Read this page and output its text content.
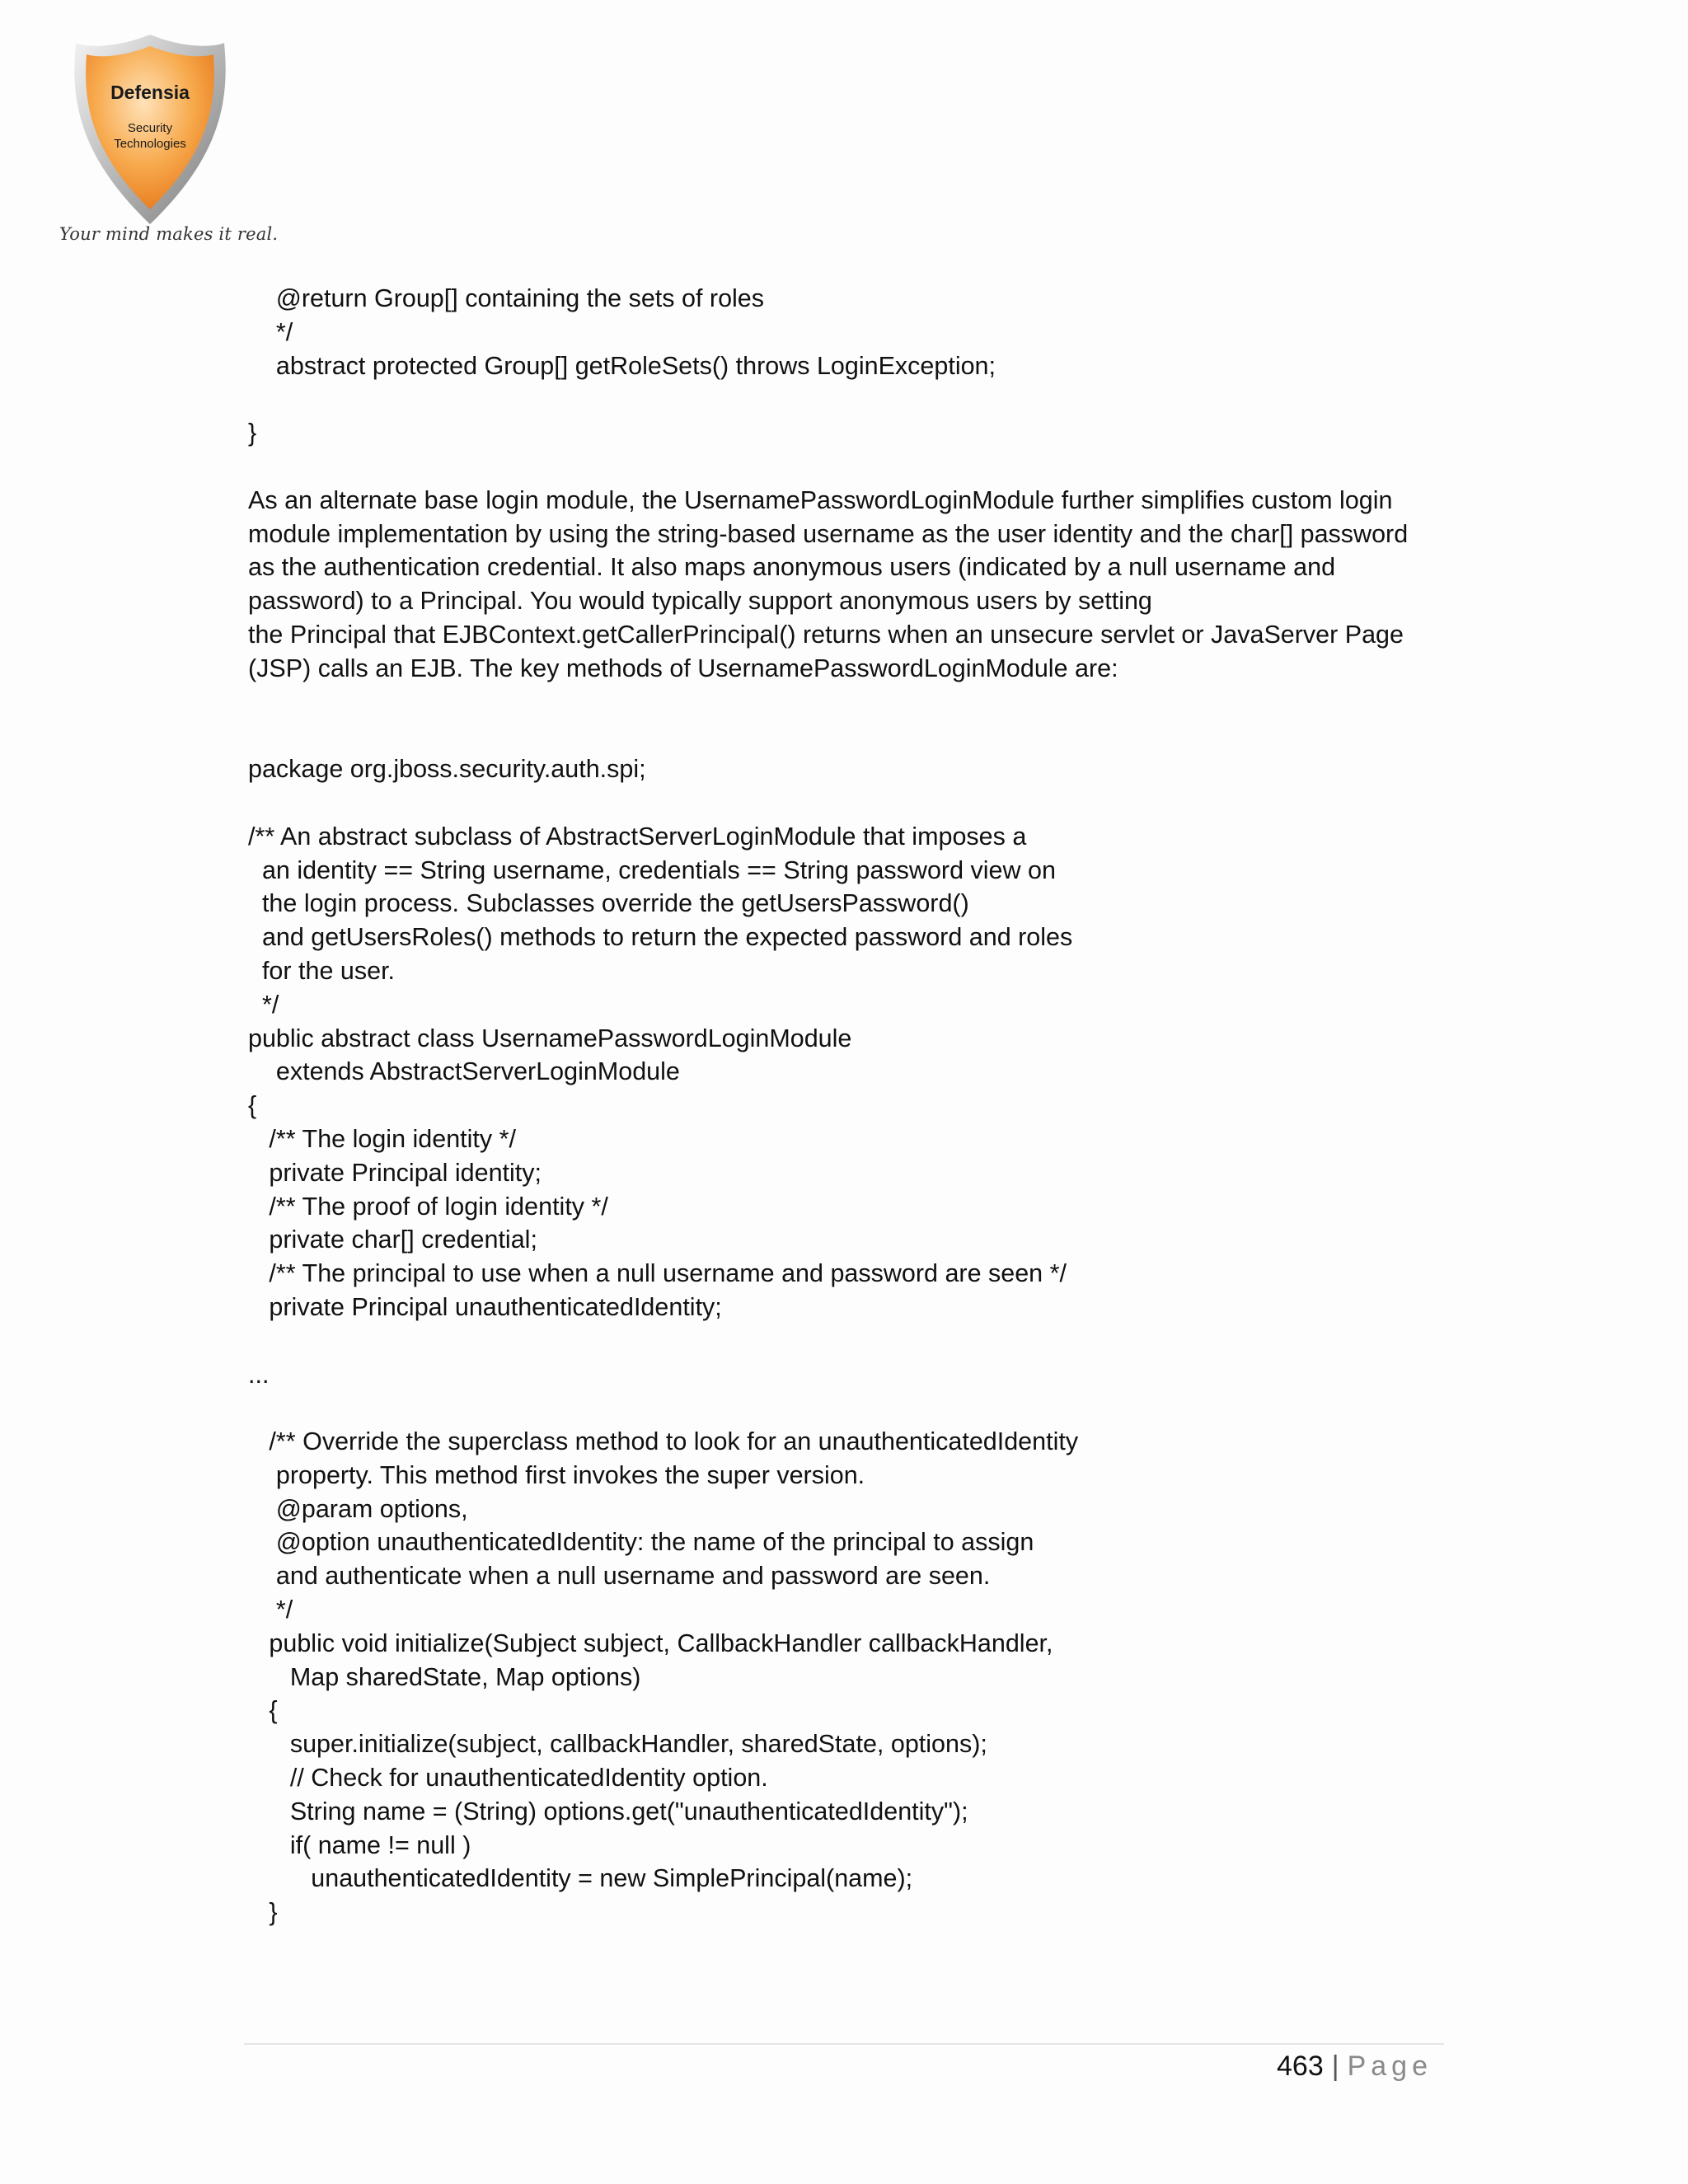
Defensia
Security
Technologies
Your mind makes it real.
@return Group[] containing the sets of roles
*/
abstract protected Group[] getRoleSets() throws LoginException;
}
As an alternate base login module, the UsernamePasswordLoginModule further simplifies custom login
module implementation by using the string-based username as the user identity and the char[] password
as the authentication credential. It also maps anonymous users (indicated by a null username and
password) to a Principal. You would typically support anonymous users by setting
the Principal that EJBContext.getCallerPrincipal() returns when an unsecure servlet or JavaServer Page
(JSP) calls an EJB. The key methods of UsernamePasswordLoginModule are:
package org.jboss.security.auth.spi;
/** An abstract subclass of AbstractServerLoginModule that imposes a
an identity == String username, credentials == String password view on
the login process. Subclasses override the getUsersPassword()
and getUsersRoles() methods to return the expected password and roles
for the user.
*/
public abstract class UsernamePasswordLoginModule
extends AbstractServerLoginModule
{
/** The login identity */
private Principal identity;
/** The proof of login identity */
private char[] credential;
/** The principal to use when a null username and password are seen */
private Principal unauthenticatedIdentity;
...
/** Override the superclass method to look for an unauthenticatedIdentity
property. This method first invokes the super version.
@param options,
@option unauthenticatedIdentity: the name of the principal to assign
and authenticate when a null username and password are seen.
*/
public void initialize(Subject subject, CallbackHandler callbackHandler,
Map sharedState, Map options)
{
super.initialize(subject, callbackHandler, sharedState, options);
// Check for unauthenticatedIdentity option.
String name = (String) options.get("unauthenticatedIdentity");
if( name != null )
unauthenticatedIdentity = new SimplePrincipal(name);
}
463 | Page
